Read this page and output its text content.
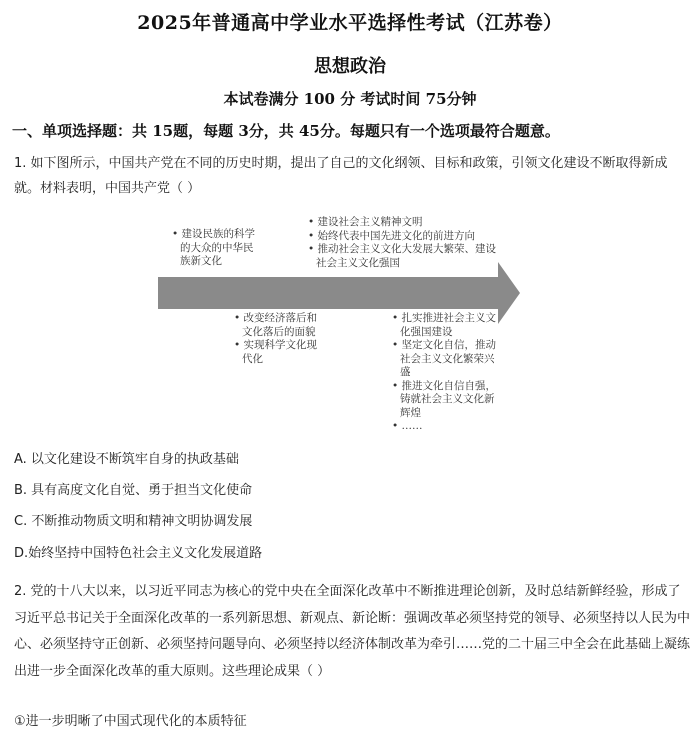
2025年普通高中学业水平选择性考试（江苏卷）
思想政治
本试卷满分 100 分 考试时间 75分钟
一、单项选择题：共 15题，每题 3分，共 45分。每题只有一个选项最符合题意。
1. 如下图所示，中国共产党在不同的历史时期，提出了自己的文化纲领、目标和政策，引领文化建设不断取得新成就。材料表明，中国共产党（ ）
• 建设民族的科学的大众的中华民族新文化
• 建设社会主义精神文明
• 始终代表中国先进文化的前进方向
• 推动社会主义文化大发展大繁荣、建设社会主义文化强国
• 改变经济落后和文化落后的面貌
• 实现科学文化现代化
• 扎实推进社会主义文化强国建设
• 坚定文化自信，推动社会主义文化繁荣兴盛
• 推进文化自信自强，铸就社会主义文化新辉煌
• ……
A. 以文化建设不断筑牢自身的执政基础
B. 具有高度文化自觉、勇于担当文化使命
C. 不断推动物质文明和精神文明协调发展
D.始终坚持中国特色社会主义文化发展道路
2. 党的十八大以来，以习近平同志为核心的党中央在全面深化改革中不断推进理论创新，及时总结新鲜经验，形成了习近平总书记关于全面深化改革的一系列新思想、新观点、新论断：强调改革必须坚持党的领导、必须坚持以人民为中心、必须坚持守正创新、必须坚持问题导向、必须坚持以经济体制改革为牵引……党的二十届三中全会在此基础上凝练出进一步全面深化改革的重大原则。这些理论成果（ ）
①进一步明晰了中国式现代化的本质特征
